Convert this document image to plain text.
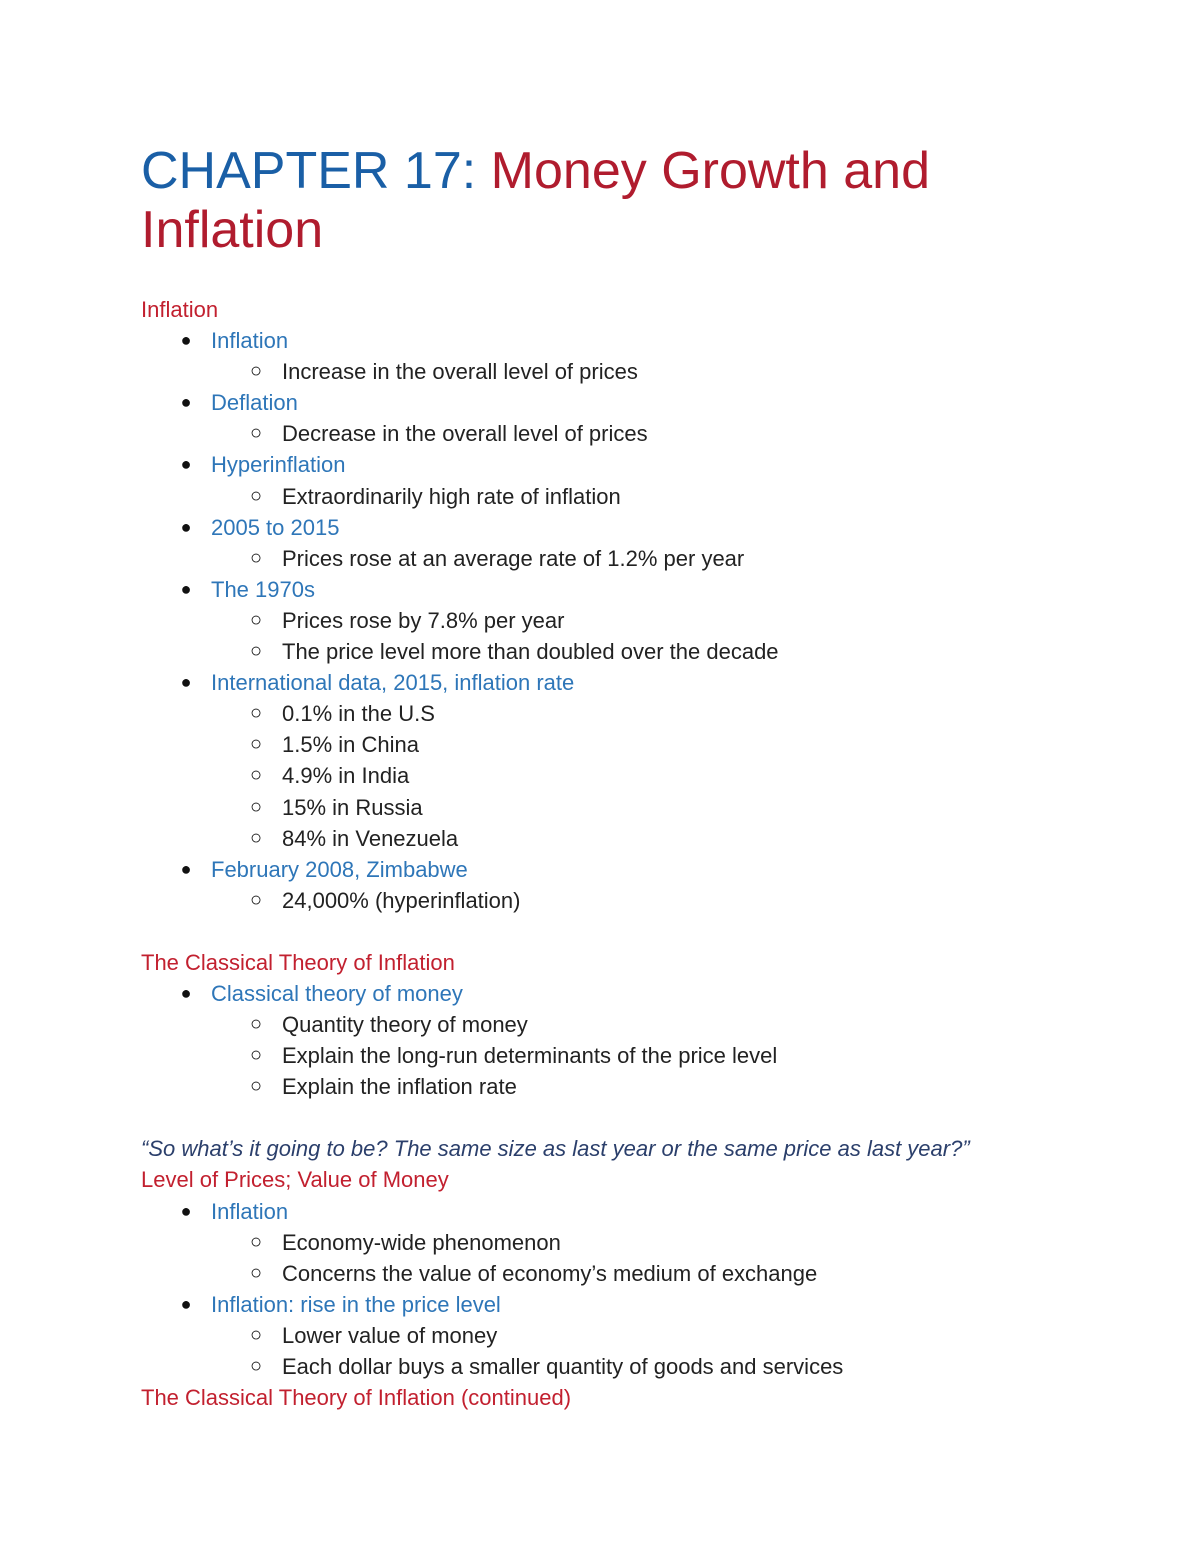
CHAPTER 17: Money Growth and Inflation
Inflation
● Inflation
○ Increase in the overall level of prices
● Deflation
○ Decrease in the overall level of prices
● Hyperinflation
○ Extraordinarily high rate of inflation
● 2005 to 2015
○ Prices rose at an average rate of 1.2% per year
● The 1970s
○ Prices rose by 7.8% per year
○ The price level more than doubled over the decade
● International data, 2015, inflation rate
○ 0.1% in the U.S
○ 1.5% in China
○ 4.9% in India
○ 15% in Russia
○ 84% in Venezuela
● February 2008, Zimbabwe
○ 24,000% (hyperinflation)
The Classical Theory of Inflation
● Classical theory of money
○ Quantity theory of money
○ Explain the long-run determinants of the price level
○ Explain the inflation rate
“So what’s it going to be? The same size as last year or the same price as last year?”
Level of Prices; Value of Money
● Inflation
○ Economy-wide phenomenon
○ Concerns the value of economy’s medium of exchange
● Inflation: rise in the price level
○ Lower value of money
○ Each dollar buys a smaller quantity of goods and services
The Classical Theory of Inflation (continued)
